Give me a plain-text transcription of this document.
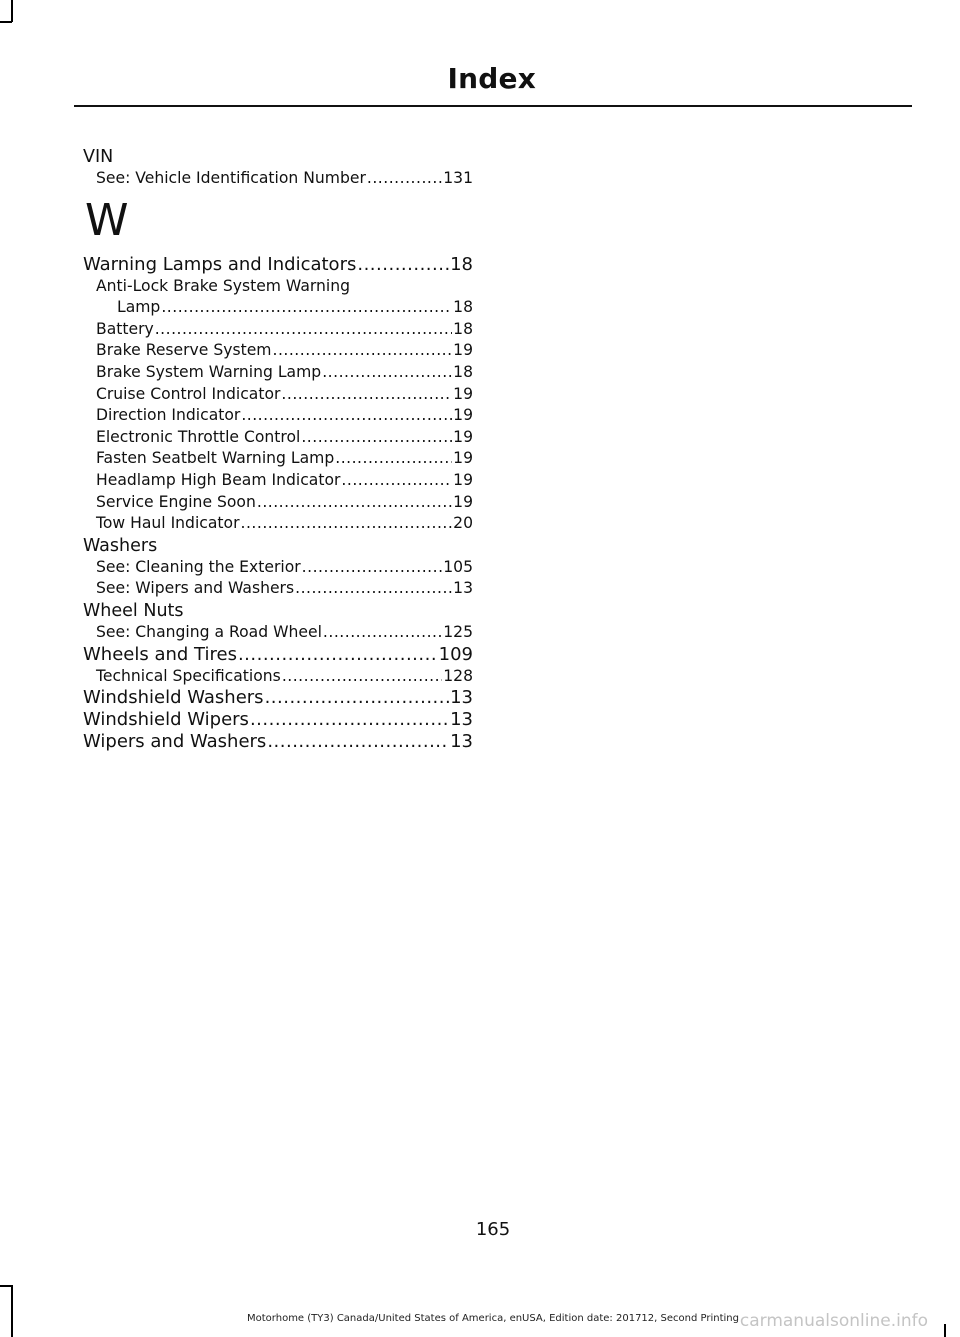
Index
VIN
See: Vehicle Identification Number .....	131
W
Warning Lamps and Indicators .....	18
Anti-Lock Brake System Warning
Lamp .....	18
Battery .....	18
Brake Reserve System .....	19
Brake System Warning Lamp .....	18
Cruise Control Indicator .....	19
Direction Indicator .....	19
Electronic Throttle Control .....	19
Fasten Seatbelt Warning Lamp .....	19
Headlamp High Beam Indicator .....	19
Service Engine Soon .....	19
Tow Haul Indicator .....	20
Washers
See: Cleaning the Exterior .....	105
See: Wipers and Washers .....	13
Wheel Nuts
See: Changing a Road Wheel .....	125
Wheels and Tires .....	109
Technical Specifications .....	128
Windshield Washers .....	13
Windshield Wipers .....	13
Wipers and Washers .....	13
165
Motorhome (TY3) Canada/United States of America, enUSA, Edition date: 201712, Second Printing carmanualsonline.info
